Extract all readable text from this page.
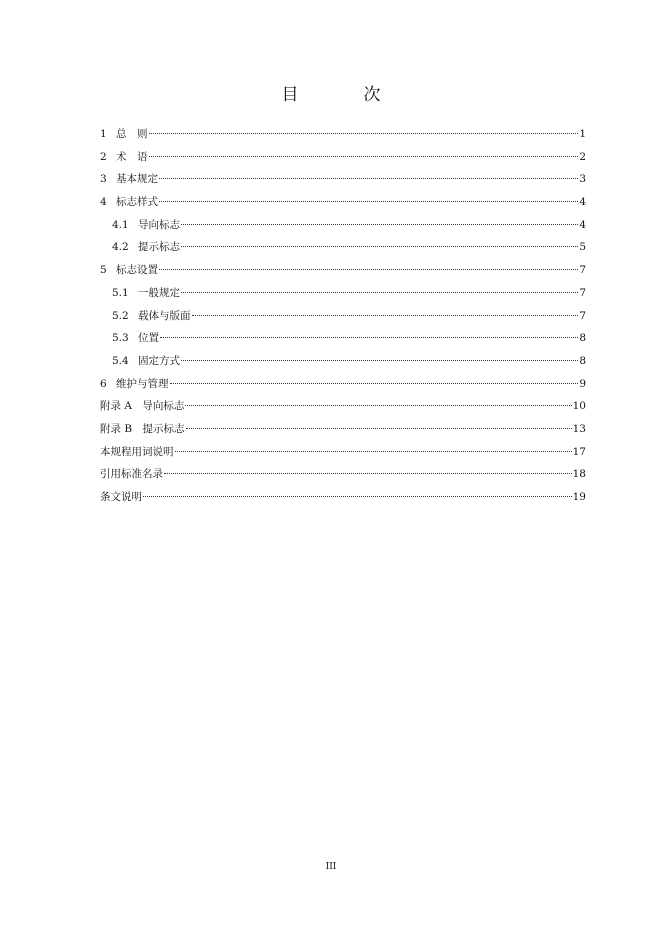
目　次
1 总　则	1
2 术　语	2
3 基本规定	3
4 标志样式	4
4.1 导向标志	4
4.2 提示标志	5
5 标志设置	7
5.1 一般规定	7
5.2 载体与版面	7
5.3 位置	8
5.4 固定方式	8
6 维护与管理	9
附录 A　导向标志	10
附录 B　提示标志	13
本规程用词说明	17
引用标准名录	18
条文说明	19
III
